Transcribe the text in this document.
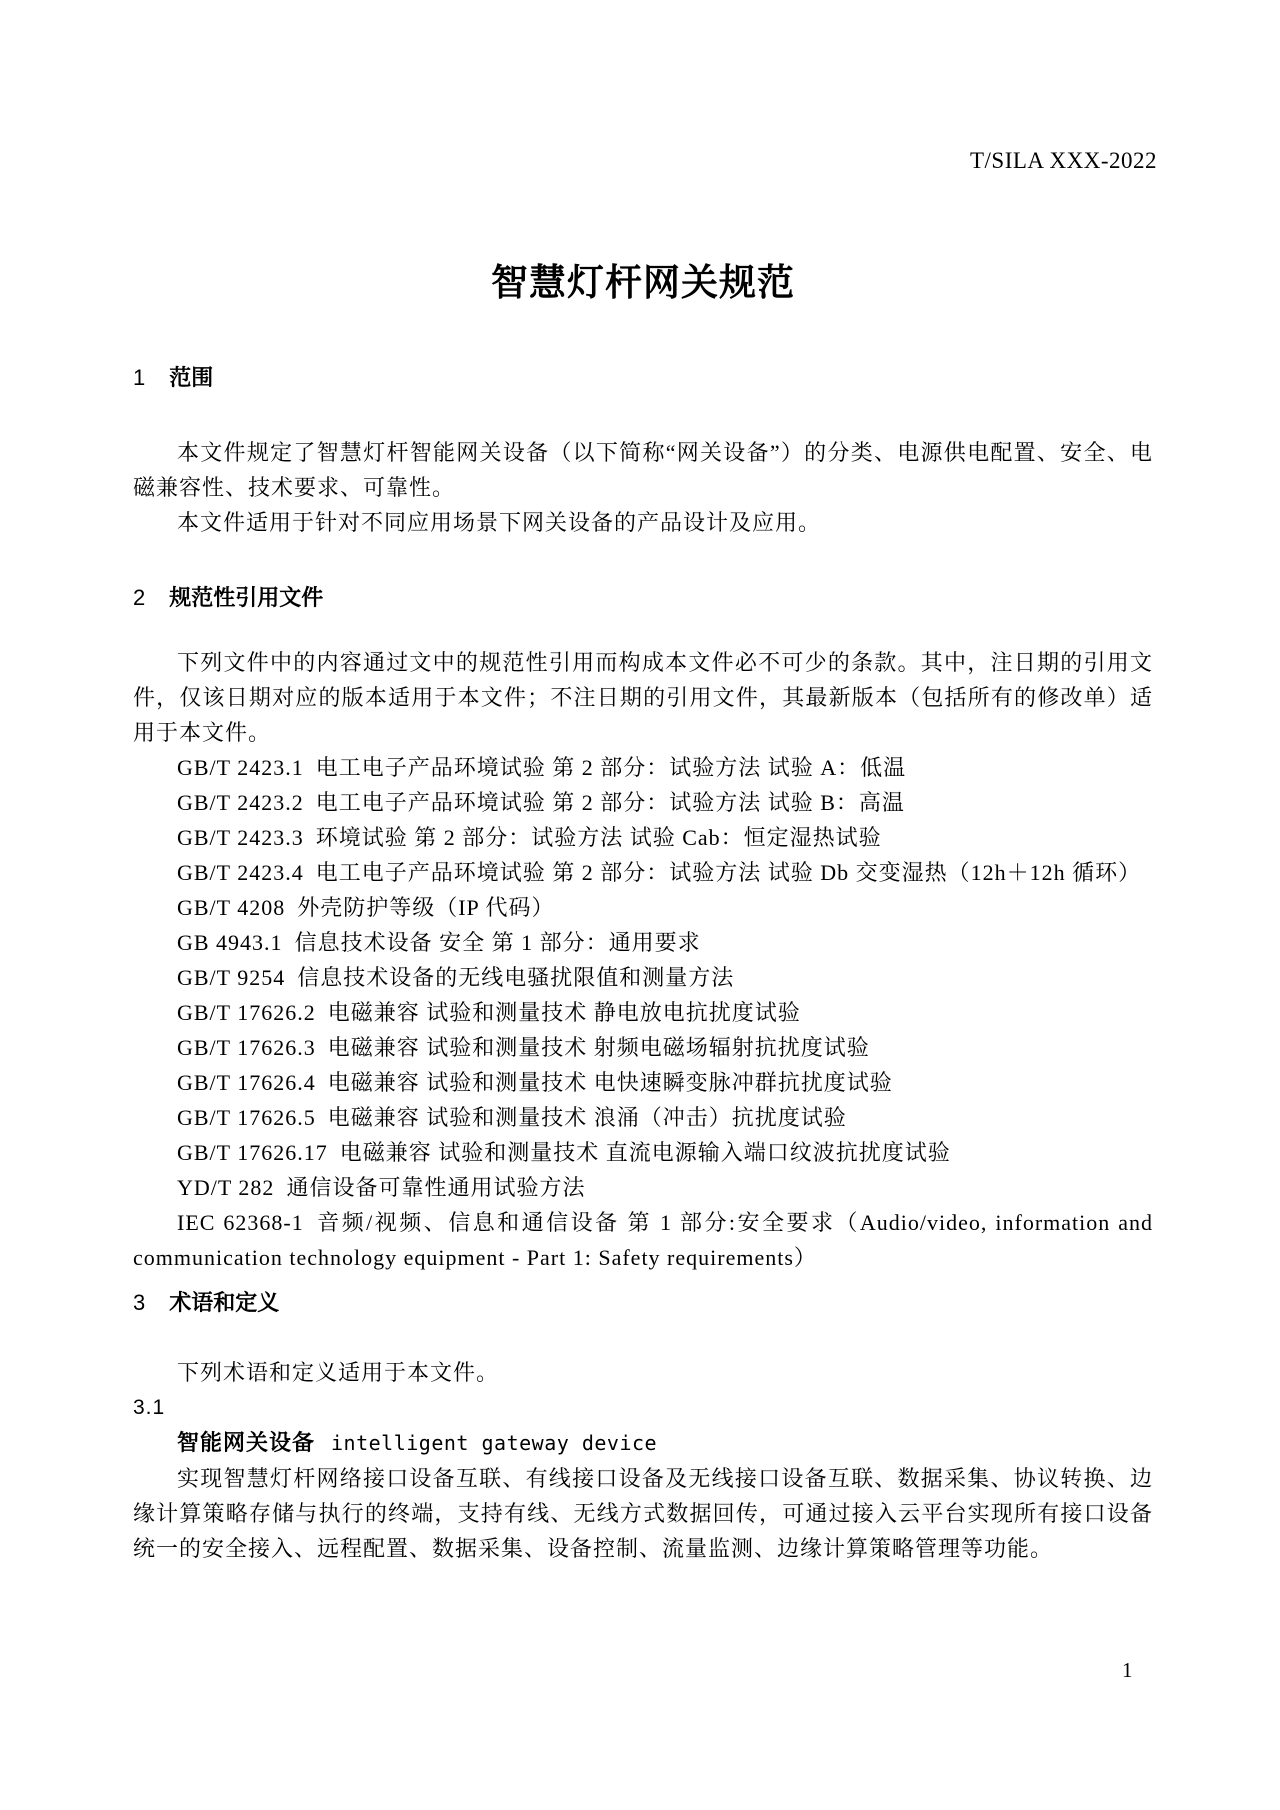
T/SILA XXX-2022
智慧灯杆网关规范
1 范围

本文件规定了智慧灯杆智能网关设备（以下简称“网关设备”）的分类、电源供电配置、安全、电磁兼容性、技术要求、可靠性。

本文件适用于针对不同应用场景下网关设备的产品设计及应用。

2 规范性引用文件

下列文件中的内容通过文中的规范性引用而构成本文件必不可少的条款。其中，注日期的引用文件，仅该日期对应的版本适用于本文件；不注日期的引用文件，其最新版本（包括所有的修改单）适用于本文件。

GB/T 2423.1 电工电子产品环境试验 第 2 部分：试验方法 试验 A：低温
GB/T 2423.2 电工电子产品环境试验 第 2 部分：试验方法 试验 B：高温
GB/T 2423.3 环境试验 第 2 部分：试验方法 试验 Cab：恒定湿热试验
GB/T 2423.4 电工电子产品环境试验 第 2 部分：试验方法 试验 Db 交变湿热（12h＋12h 循环）
GB/T 4208 外壳防护等级（IP 代码）
GB 4943.1 信息技术设备 安全 第 1 部分：通用要求
GB/T 9254 信息技术设备的无线电骚扰限值和测量方法
GB/T 17626.2 电磁兼容 试验和测量技术 静电放电抗扰度试验
GB/T 17626.3 电磁兼容 试验和测量技术 射频电磁场辐射抗扰度试验
GB/T 17626.4 电磁兼容 试验和测量技术 电快速瞬变脉冲群抗扰度试验
GB/T 17626.5 电磁兼容 试验和测量技术 浪涌（冲击）抗扰度试验
GB/T 17626.17 电磁兼容 试验和测量技术 直流电源输入端口纹波抗扰度试验
YD/T 282 通信设备可靠性通用试验方法
IEC 62368-1 音频/视频、信息和通信设备 第 1 部分:安全要求（Audio/video, information and communication technology equipment - Part 1: Safety requirements）
3 术语和定义

下列术语和定义适用于本文件。

3.1
智能网关设备 intelligent gateway device

实现智慧灯杆网络接口设备互联、有线接口设备及无线接口设备互联、数据采集、协议转换、边缘计算策略存储与执行的终端，支持有线、无线方式数据回传，可通过接入云平台实现所有接口设备统一的安全接入、远程配置、数据采集、设备控制、流量监测、边缘计算策略管理等功能。

1
